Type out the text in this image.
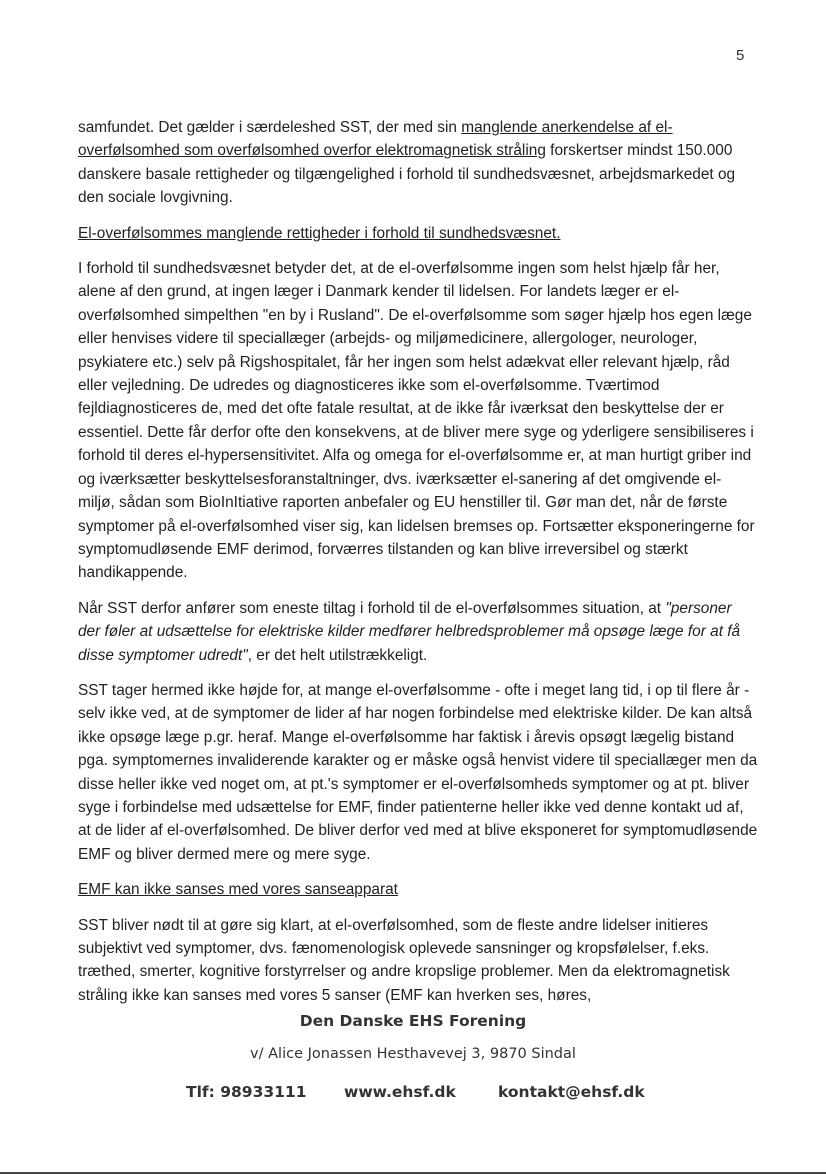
5

samfundet. Det gælder i særdeleshed SST, der med sin manglende anerkendelse af el-overfølsomhed som overfølsomhed overfor elektromagnetisk stråling forskertser mindst 150.000 danskere basale rettigheder og tilgængelighed i forhold til sundhedsvæsnet, arbejdsmarkedet og den sociale lovgivning.

El-overfølsommes manglende rettigheder i forhold til sundhedsvæsnet.

I forhold til sundhedsvæsnet betyder det, at de el-overfølsomme ingen som helst hjælp får her, alene af den grund, at ingen læger i Danmark kender til lidelsen. For landets læger er el-overfølsomhed simpelthen "en by i Rusland". De el-overfølsomme som søger hjælp hos egen læge eller henvises videre til speciallæger (arbejds- og miljømedicinere, allergologer, neurologer, psykiatere etc.) selv på Rigshospitalet, får her ingen som helst adækvat eller relevant hjælp, råd eller vejledning. De udredes og diagnosticeres ikke som el-overfølsomme. Tværtimod fejldiagnosticeres de, med det ofte fatale resultat, at de ikke får iværksat den beskyttelse der er essentiel. Dette får derfor ofte den konsekvens, at de bliver mere syge og yderligere sensibiliseres i forhold til deres el-hypersensitivitet. Alfa og omega for el-overfølsomme er, at man hurtigt griber ind og iværksætter beskyttelsesforanstaltninger, dvs. iværksætter el-sanering af det omgivende el-miljø, sådan som BioInItiative raporten anbefaler og EU henstiller til. Gør man det, når de første symptomer på el-overfølsomhed viser sig, kan lidelsen bremses op. Fortsætter eksponeringerne for symptomudløsende EMF derimod, forværres tilstanden og kan blive irreversibel og stærkt handikappende.

Når SST derfor anfører som eneste tiltag i forhold til de el-overfølsommes situation, at "personer der føler at udsættelse for elektriske kilder medfører helbredsproblemer må opsøge læge for at få disse symptomer udredt", er det helt utilstrækkeligt.

SST tager hermed ikke højde for, at mange el-overfølsomme - ofte i meget lang tid, i op til flere år - selv ikke ved, at de symptomer de lider af har nogen forbindelse med elektriske kilder. De kan altså ikke opsøge læge p.gr. heraf. Mange el-overfølsomme har faktisk i årevis opsøgt lægelig bistand pga. symptomernes invaliderende karakter og er måske også henvist videre til speciallæger men da disse heller ikke ved noget om, at pt.'s symptomer er el-overfølsomheds symptomer og at pt. bliver syge i forbindelse med udsættelse for EMF, finder patienterne heller ikke ved denne kontakt ud af, at de lider af el-overfølsomhed. De bliver derfor ved med at blive eksponeret for symptomudløsende EMF og bliver dermed mere og mere syge.

EMF kan ikke sanses med vores sanseapparat

SST bliver nødt til at gøre sig klart, at el-overfølsomhed, som de fleste andre lidelser initieres subjektivt ved symptomer, dvs. fænomenologisk oplevede sansninger og kropsfølelser, f.eks. træthed, smerter, kognitive forstyrrelser og andre kropslige problemer. Men da elektromagnetisk stråling ikke kan sanses med vores 5 sanser (EMF kan hverken ses, høres,

Den Danske EHS Forening
v/ Alice Jonassen Hesthavevej 3, 9870 Sindal
Tlf: 98933111 www.ehsf.dk	kontakt@ehsf.dk
